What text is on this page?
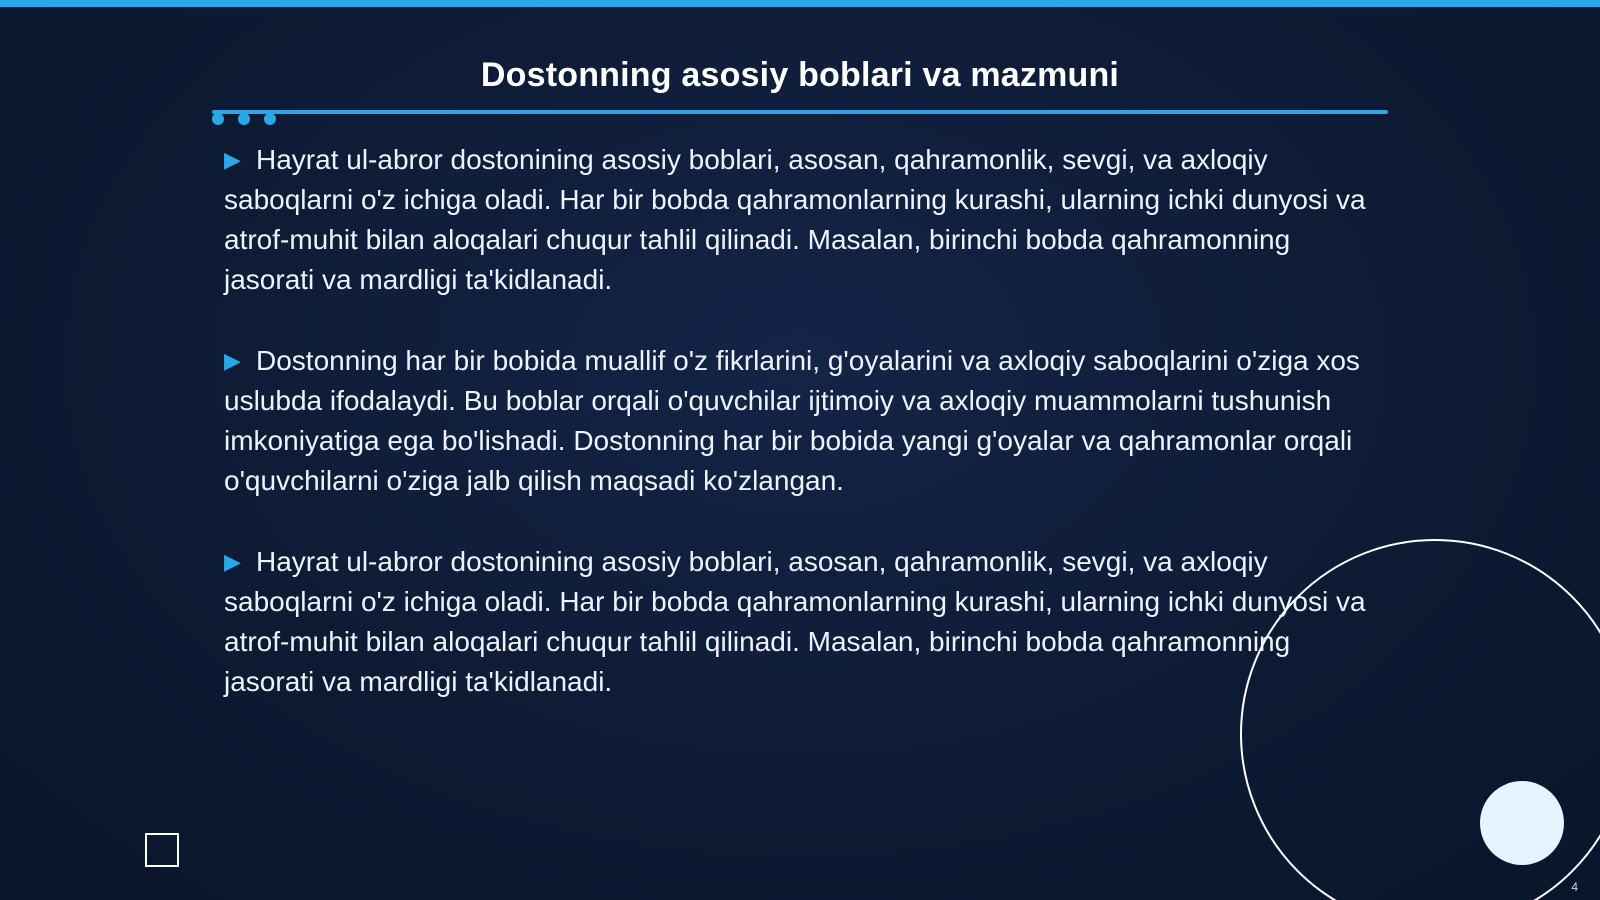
Dostonning asosiy boblari va mazmuni
▶ Hayrat ul-abror dostonining asosiy boblari, asosan, qahramonlik, sevgi, va axloqiy saboqlarni o'z ichiga oladi. Har bir bobda qahramonlarning kurashi, ularning ichki dunyosi va atrof-muhit bilan aloqalari chuqur tahlil qilinadi. Masalan, birinchi bobda qahramonning jasorati va mardligi ta'kidlanadi.
▶ Dostonning har bir bobida muallif o'z fikrlarini, g'oyalarini va axloqiy saboqlarini o'ziga xos uslubda ifodalaydi. Bu boblar orqali o'quvchilar ijtimoiy va axloqiy muammolarni tushunish imkoniyatiga ega bo'lishadi. Dostonning har bir bobida yangi g'oyalar va qahramonlar orqali o'quvchilarni o'ziga jalb qilish maqsadi ko'zlangan.
▶ Hayrat ul-abror dostonining asosiy boblari, asosan, qahramonlik, sevgi, va axloqiy saboqlarni o'z ichiga oladi. Har bir bobda qahramonlarning kurashi, ularning ichki dunyosi va atrof-muhit bilan aloqalari chuqur tahlil qilinadi. Masalan, birinchi bobda qahramonning jasorati va mardligi ta'kidlanadi.
4
